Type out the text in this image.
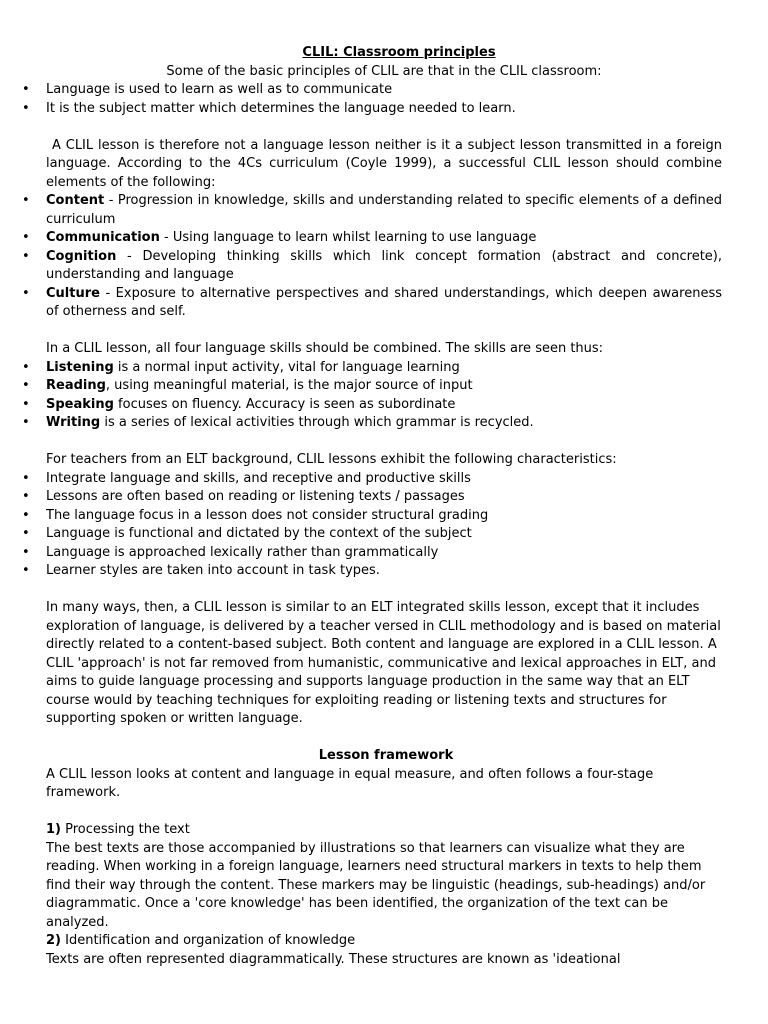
CLIL: Classroom principles

Some of the basic principles of CLIL are that in the CLIL classroom:

• Language is used to learn as well as to communicate
• It is the subject matter which determines the language needed to learn.

A CLIL lesson is therefore not a language lesson neither is it a subject lesson transmitted in a foreign language. According to the 4Cs curriculum (Coyle 1999), a successful CLIL lesson should combine elements of the following:

• Content - Progression in knowledge, skills and understanding related to specific elements of a defined curriculum
• Communication - Using language to learn whilst learning to use language
• Cognition - Developing thinking skills which link concept formation (abstract and concrete), understanding and language
• Culture - Exposure to alternative perspectives and shared understandings, which deepen awareness of otherness and self.

In a CLIL lesson, all four language skills should be combined. The skills are seen thus:

• Listening is a normal input activity, vital for language learning
• Reading, using meaningful material, is the major source of input
• Speaking focuses on fluency. Accuracy is seen as subordinate
• Writing is a series of lexical activities through which grammar is recycled.

For teachers from an ELT background, CLIL lessons exhibit the following characteristics:

• Integrate language and skills, and receptive and productive skills
• Lessons are often based on reading or listening texts / passages
• The language focus in a lesson does not consider structural grading
• Language is functional and dictated by the context of the subject
• Language is approached lexically rather than grammatically
• Learner styles are taken into account in task types.

In many ways, then, a CLIL lesson is similar to an ELT integrated skills lesson, except that it includes exploration of language, is delivered by a teacher versed in CLIL methodology and is based on material directly related to a content-based subject. Both content and language are explored in a CLIL lesson. A CLIL 'approach' is not far removed from humanistic, communicative and lexical approaches in ELT, and aims to guide language processing and supports language production in the same way that an ELT course would by teaching techniques for exploiting reading or listening texts and structures for supporting spoken or written language.

Lesson framework

A CLIL lesson looks at content and language in equal measure, and often follows a four-stage framework.

1) Processing the text

The best texts are those accompanied by illustrations so that learners can visualize what they are reading. When working in a foreign language, learners need structural markers in texts to help them find their way through the content. These markers may be linguistic (headings, sub-headings) and/or diagrammatic. Once a 'core knowledge' has been identified, the organization of the text can be analyzed.

2) Identification and organization of knowledge

Texts are often represented diagrammatically. These structures are known as 'ideational
